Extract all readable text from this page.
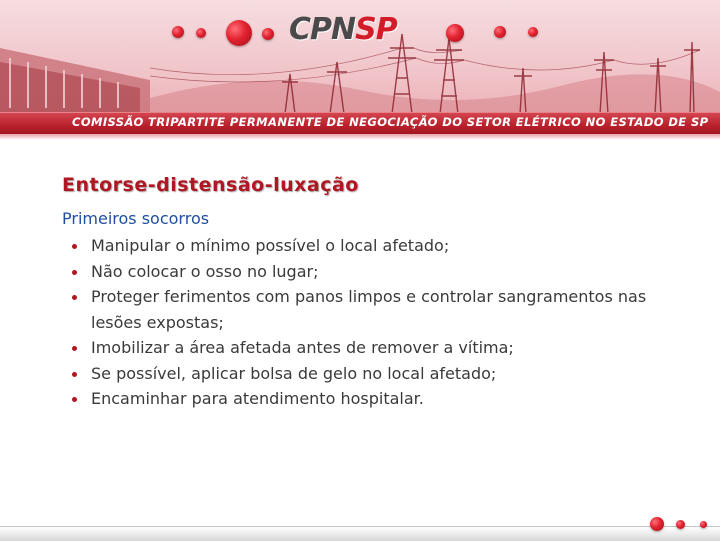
CPNSP
COMISSÃO TRIPARTITE PERMANENTE DE NEGOCIAÇÃO DO SETOR ELÉTRICO NO ESTADO DE SP
Entorse-distensão-luxação
Primeiros socorros
Manipular o mínimo possível o local afetado;
Não colocar o osso no lugar;
Proteger ferimentos com panos limpos e controlar sangramentos nas lesões expostas;
Imobilizar a área afetada antes de remover a vítima;
Se possível, aplicar bolsa de gelo no local afetado;
Encaminhar para atendimento hospitalar.
